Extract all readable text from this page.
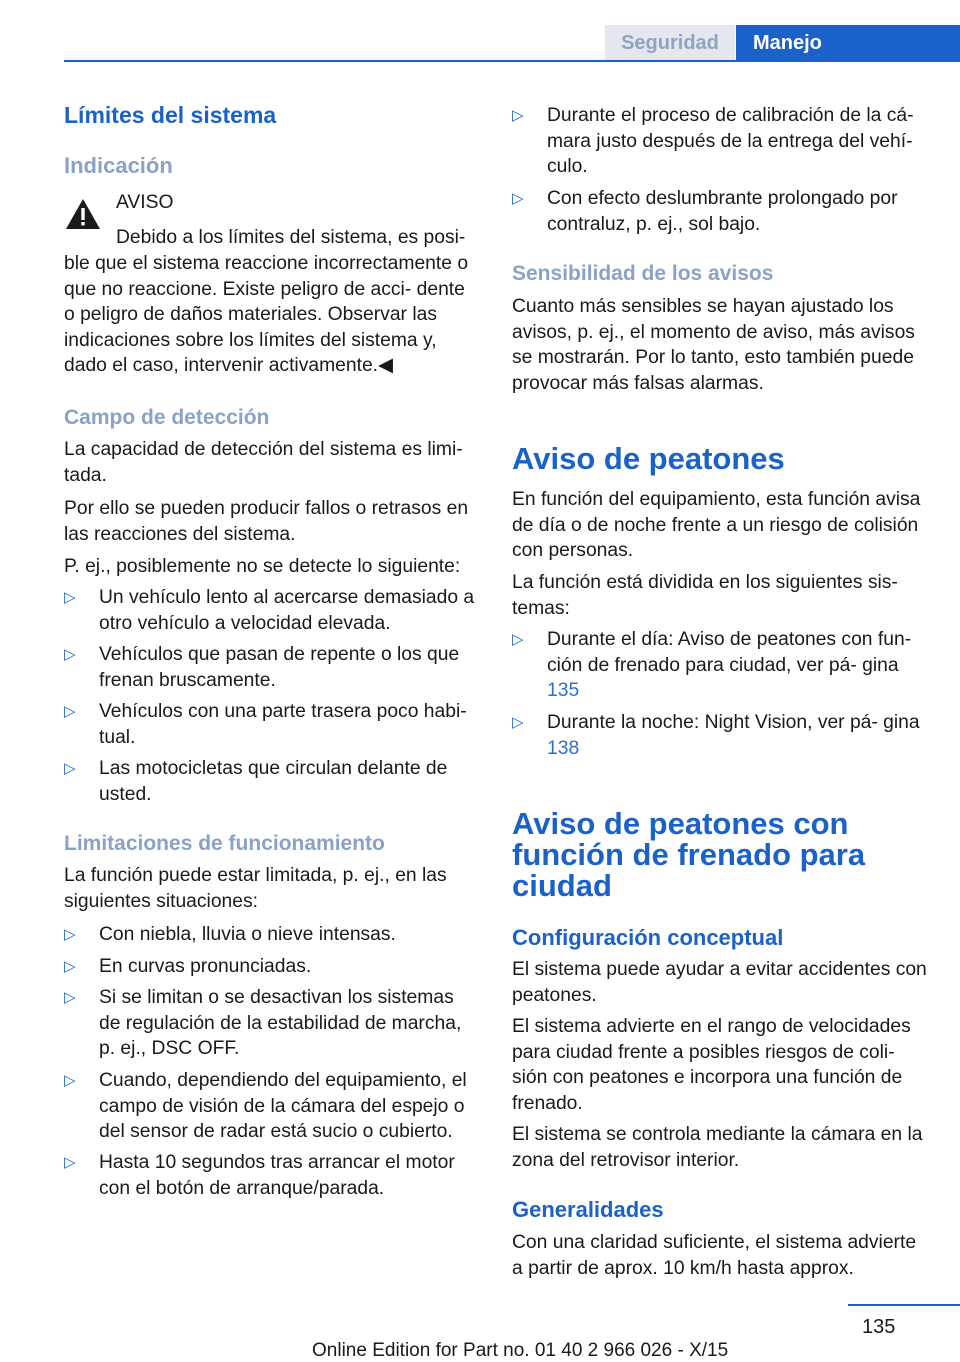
Seguridad	Manejo
Límites del sistema
Indicación
AVISO
Debido a los límites del sistema, es posi‐
ble que el sistema reaccione incorrectamente o que no reaccione. Existe peligro de acci‐ dente o peligro de daños materiales. Observar las indicaciones sobre los límites del sistema y, dado el caso, intervenir activamente.◀
Campo de detección
La capacidad de detección del sistema es limi‐ tada.
Por ello se pueden producir fallos o retrasos en las reacciones del sistema.
P. ej., posiblemente no se detecte lo siguiente:
▷ Un vehículo lento al acercarse demasiado a otro vehículo a velocidad elevada.
▷ Vehículos que pasan de repente o los que frenan bruscamente.
▷ Vehículos con una parte trasera poco habi‐ tual.
▷ Las motocicletas que circulan delante de usted.
Limitaciones de funcionamiento
La función puede estar limitada, p. ej., en las siguientes situaciones:
▷ Con niebla, lluvia o nieve intensas.
▷ En curvas pronunciadas.
▷ Si se limitan o se desactivan los sistemas de regulación de la estabilidad de marcha, p. ej., DSC OFF.
▷ Cuando, dependiendo del equipamiento, el campo de visión de la cámara del espejo o del sensor de radar está sucio o cubierto.
▷ Hasta 10 segundos tras arrancar el motor con el botón de arranque/parada.
▷ Durante el proceso de calibración de la cá‐ mara justo después de la entrega del vehí‐ culo.
▷ Con efecto deslumbrante prolongado por contraluz, p. ej., sol bajo.
Sensibilidad de los avisos
Cuanto más sensibles se hayan ajustado los avisos, p. ej., el momento de aviso, más avisos se mostrarán. Por lo tanto, esto también puede provocar más falsas alarmas.
Aviso de peatones
En función del equipamiento, esta función avisa de día o de noche frente a un riesgo de colisión con personas.
La función está dividida en los siguientes sis‐ temas:
▷ Durante el día: Aviso de peatones con fun‐ ción de frenado para ciudad, ver pá‐ gina 135
▷ Durante la noche: Night Vision, ver pá‐ gina 138
Aviso de peatones con función de frenado para ciudad
Configuración conceptual
El sistema puede ayudar a evitar accidentes con peatones.
El sistema advierte en el rango de velocidades para ciudad frente a posibles riesgos de coli‐ sión con peatones e incorpora una función de frenado.
El sistema se controla mediante la cámara en la zona del retrovisor interior.
Generalidades
Con una claridad suficiente, el sistema advierte a partir de aprox. 10 km/h hasta approx.
135
Online Edition for Part no. 01 40 2 966 026 - X/15
